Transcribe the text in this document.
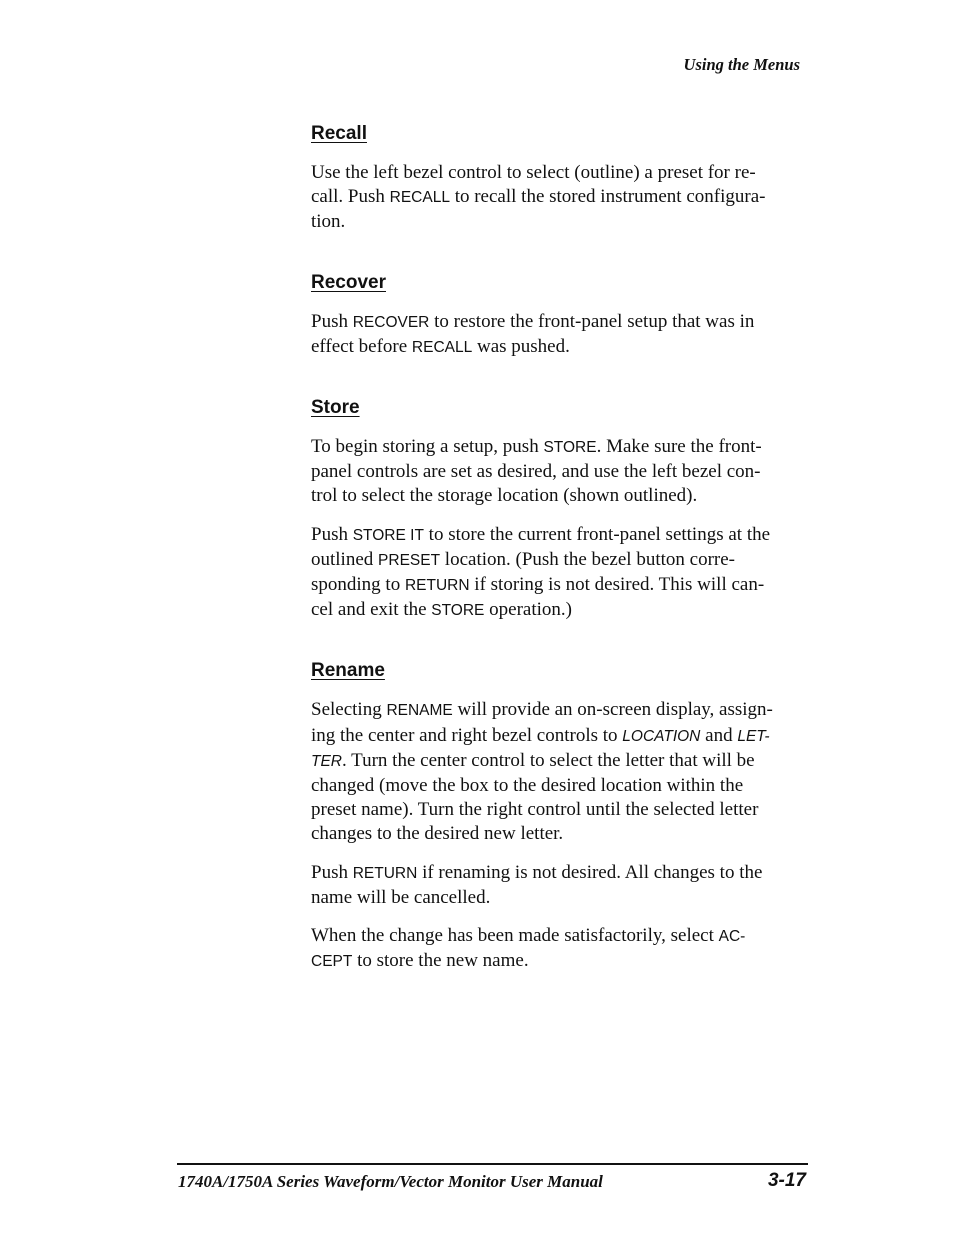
Using the Menus
Recall

Use the left bezel control to select (outline) a preset for re-
call. Push RECALL to recall the stored instrument configura-
tion.

Recover

Push RECOVER to restore the front-panel setup that was in
effect before RECALL was pushed.

Store

To begin storing a setup, push STORE. Make sure the front-
panel controls are set as desired, and use the left bezel con-
trol to select the storage location (shown outlined).

Push STORE IT to store the current front-panel settings at the
outlined PRESET location. (Push the bezel button corre-
sponding to RETURN if storing is not desired. This will can-
cel and exit the STORE operation.)

Rename

Selecting RENAME will provide an on-screen display, assign-
ing the center and right bezel controls to LOCATION and LET-
TER. Turn the center control to select the letter that will be
changed (move the box to the desired location within the
preset name). Turn the right control until the selected letter
changes to the desired new letter.

Push RETURN if renaming is not desired. All changes to the
name will be cancelled.

When the change has been made satisfactorily, select AC-
CEPT to store the new name.

1740A/1750A Series Waveform/Vector Monitor User Manual	3-17
